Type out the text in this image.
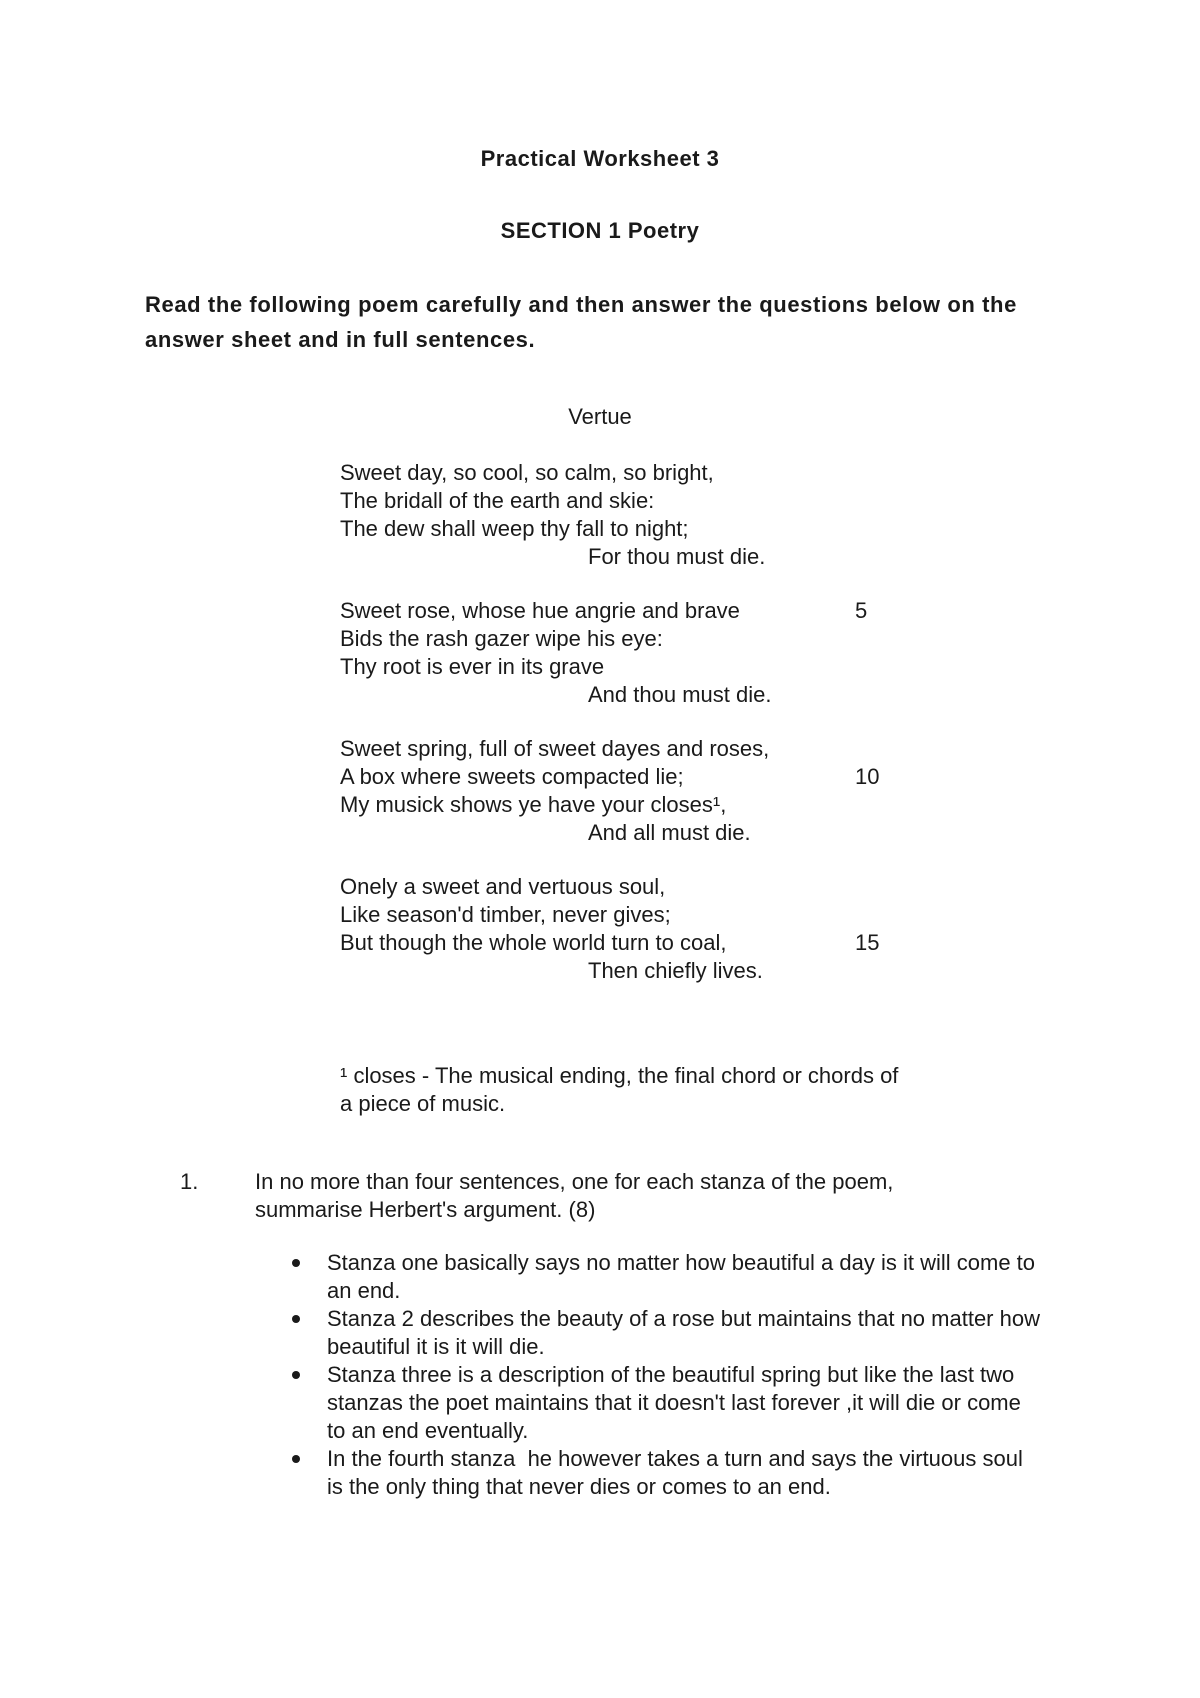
Practical Worksheet 3
SECTION 1 Poetry
Read the following poem carefully and then answer the questions below on the answer sheet and in full sentences.
Vertue
Sweet day, so cool, so calm, so bright,
The bridall of the earth and skie:
The dew shall weep thy fall to night;
For thou must die.
Sweet rose, whose hue angrie and brave	5
Bids the rash gazer wipe his eye:
Thy root is ever in its grave
And thou must die.
Sweet spring, full of sweet dayes and roses,
A box where sweets compacted lie;	10
My musick shows ye have your closes¹,
And all must die.
Onely a sweet and vertuous soul,
Like season'd timber, never gives;
But though the whole world turn to coal,	15
Then chiefly lives.
¹ closes - The musical ending, the final chord or chords of a piece of music.
1.	In no more than four sentences, one for each stanza of the poem, summarise Herbert's argument. (8)
Stanza one basically says no matter how beautiful a day is it will come to an end.
Stanza 2 describes the beauty of a rose but maintains that no matter how beautiful it is it will die.
Stanza three is a description of the beautiful spring but like the last two stanzas the poet maintains that it doesn't last forever ,it will die or come to an end eventually.
In the fourth stanza  he however takes a turn and says the virtuous soul is the only thing that never dies or comes to an end.
